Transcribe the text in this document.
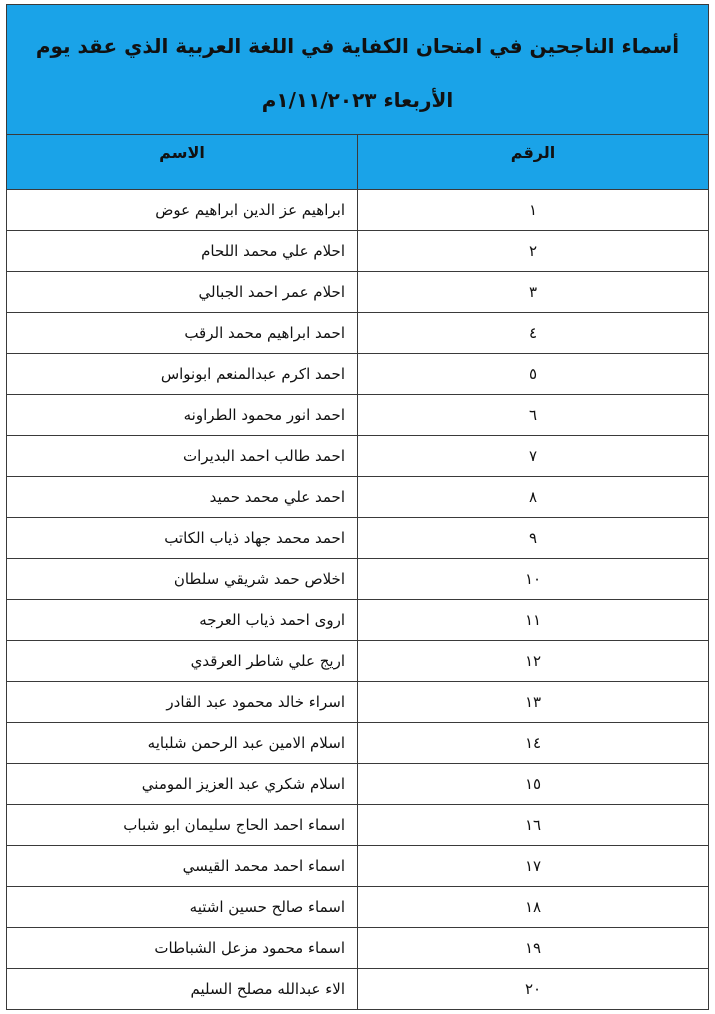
أسماء الناجحين في امتحان الكفاية في اللغة العربية الذي عقد يوم
الأربعاء ١/١١/٢٠٢٣م	

الرقم	الاسم
١	ابراهيم عز الدين ابراهيم عوض
٢	احلام علي محمد اللحام
٣	احلام عمر احمد الجبالي
٤	احمد ابراهيم محمد الرقب
٥	احمد اكرم عبدالمنعم ابونواس
٦	احمد انور محمود الطراونه
٧	احمد طالب احمد البديرات
٨	احمد علي محمد حميد
٩	احمد محمد جهاد ذياب الكاتب
١٠	اخلاص حمد شريقي سلطان
١١	اروى احمد ذياب العرجه
١٢	اريج علي شاطر العرقدي
١٣	اسراء خالد محمود عبد القادر
١٤	اسلام الامين عبد الرحمن شلبايه
١٥	اسلام شكري عبد العزيز المومني
١٦	اسماء احمد الحاج سليمان ابو شباب
١٧	اسماء احمد محمد القيسي
١٨	اسماء صالح حسين اشتيه
١٩	اسماء محمود مزعل الشباطات
٢٠	الاء عبدالله مصلح السليم
